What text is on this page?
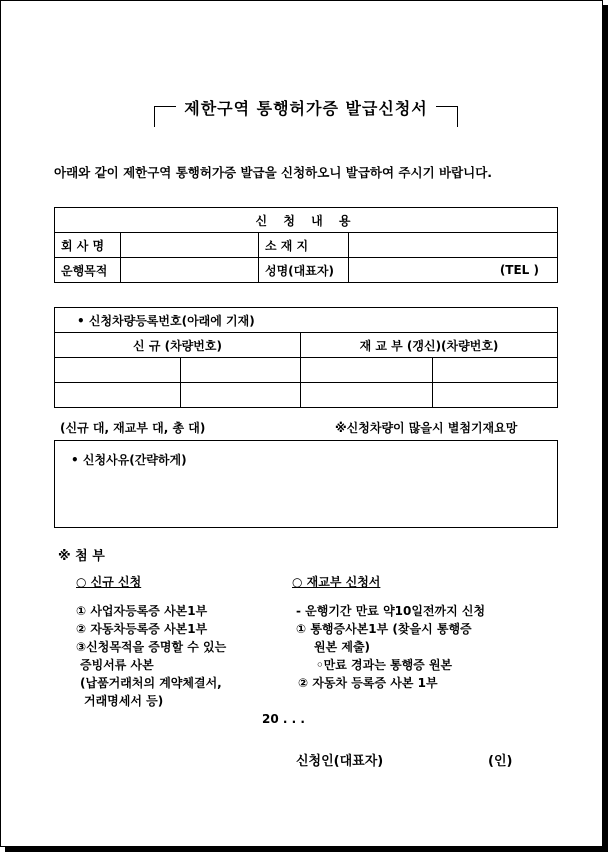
제한구역 통행허가증 발급신청서
아래와 같이 제한구역 통행허가증 발급을 신청하오니 발급하여 주시기 바랍니다.
신 청 내 용			
회 사 명		소 재 지	
운행목적		성명(대표자)	(TEL )
• 신청차량등록번호(아래에 기재)			
신 규 (차량번호)		재 교 부 (갱신)(차량번호)	

(신규 대, 재교부 대, 총 대)	※신청차량이 많을시 별첨기재요망
• 신청사유(간략하게)
※ 첨 부
○ 신규 신청	○ 재교부 신청서
① 사업자등록증 사본1부
② 자동차등록증 사본1부
③신청목적을 증명할 수 있는
증빙서류 사본
(납품거래처의 계약체결서,
거래명세서 등)
- 운행기간 만료 약10일전까지 신청
① 통행증사본1부 (찾을시 통행증
원본 제출)
◦만료 경과는 통행증 원본
② 자동차 등록증 사본 1부
20 . . .
신청인(대표자)	(인)
